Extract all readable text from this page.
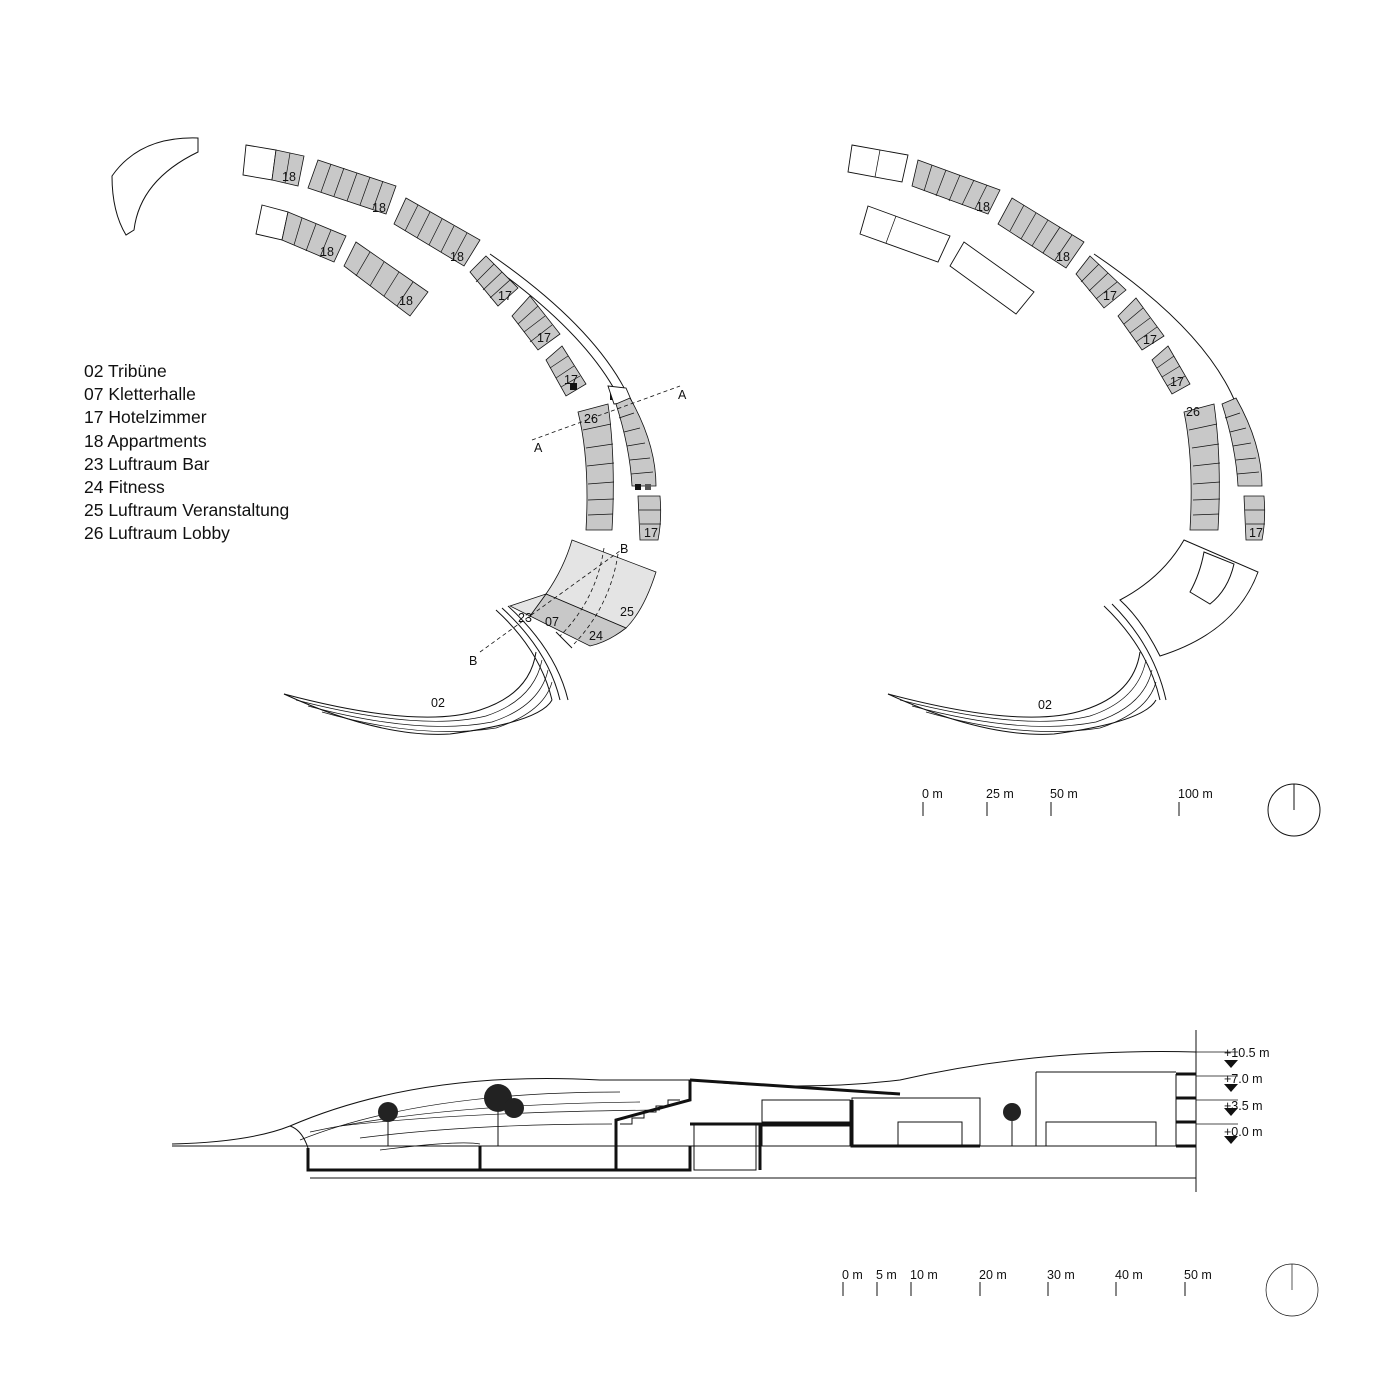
02 Tribüne
07 Kletterhalle
17 Hotelzimmer
18 Appartments
23 Luftraum Bar
24 Fitness
25 Luftraum Veranstaltung
26 Luftraum Lobby
18
18
18
18
18	17
17
17
26
17
23 07
24
25
02
A
A
B
B
18
18
17
17
17
26
17
02
0 m	25 m	50 m	100 m
+10.5 m
+7.0 m
+3.5 m
+0.0 m
0 m 5 m 10 m	20 m	30 m	40 m	50 m
